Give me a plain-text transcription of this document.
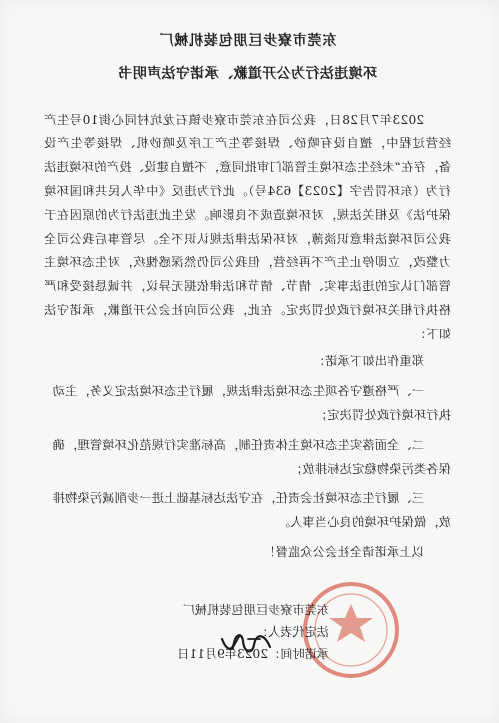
东莞市寮步巨朋包装机械厂
环境违法行为公开道歉、承诺守法声明书

2023年7月28日，我公司在东莞市寮步镇石龙坑村同心街10号生产经营过程中，擅自设有喷砂、焊接等生产工序及喷砂机、焊接等生产设备，存在“未经生态环境主管部门审批同意，不擅自建设、投产的环境违法行为（东环罚告字【2023】634号）。此行为违反《中华人民共和国环境保护法》及相关法规，对环境造成不良影响。发生此违法行为的原因在于我公司环境法律意识淡薄，对环保法律法规认识不全。尽管事后我公司全力整改，立即停止生产不再经营，但我公司仍然深感愧疚，对生态环境主管部门认定的违法事实、情节、情节和法律依据无异议，并诚恳接受和严格执行相关环境行政处罚决定。在此，我公司向社会公开道歉，承诺守法如下：

郑重作出如下承诺：

一、严格遵守各项生态环境法律法规，履行生态环境法定义务，主动执行环境行政处罚决定；
二、全面落实生态环境主体责任制，高标准实行规范化环境管理，确保各类污染物稳定达标排放；
三、履行生态环境社会责任，在守法达标基础上进一步削减污染物排放，做保护环境的良心当事人。
以上承诺请全社会公众监督！
东莞市寮步巨朋包装机械厂
法定代表人：
承诺时间：2023年9月11日
